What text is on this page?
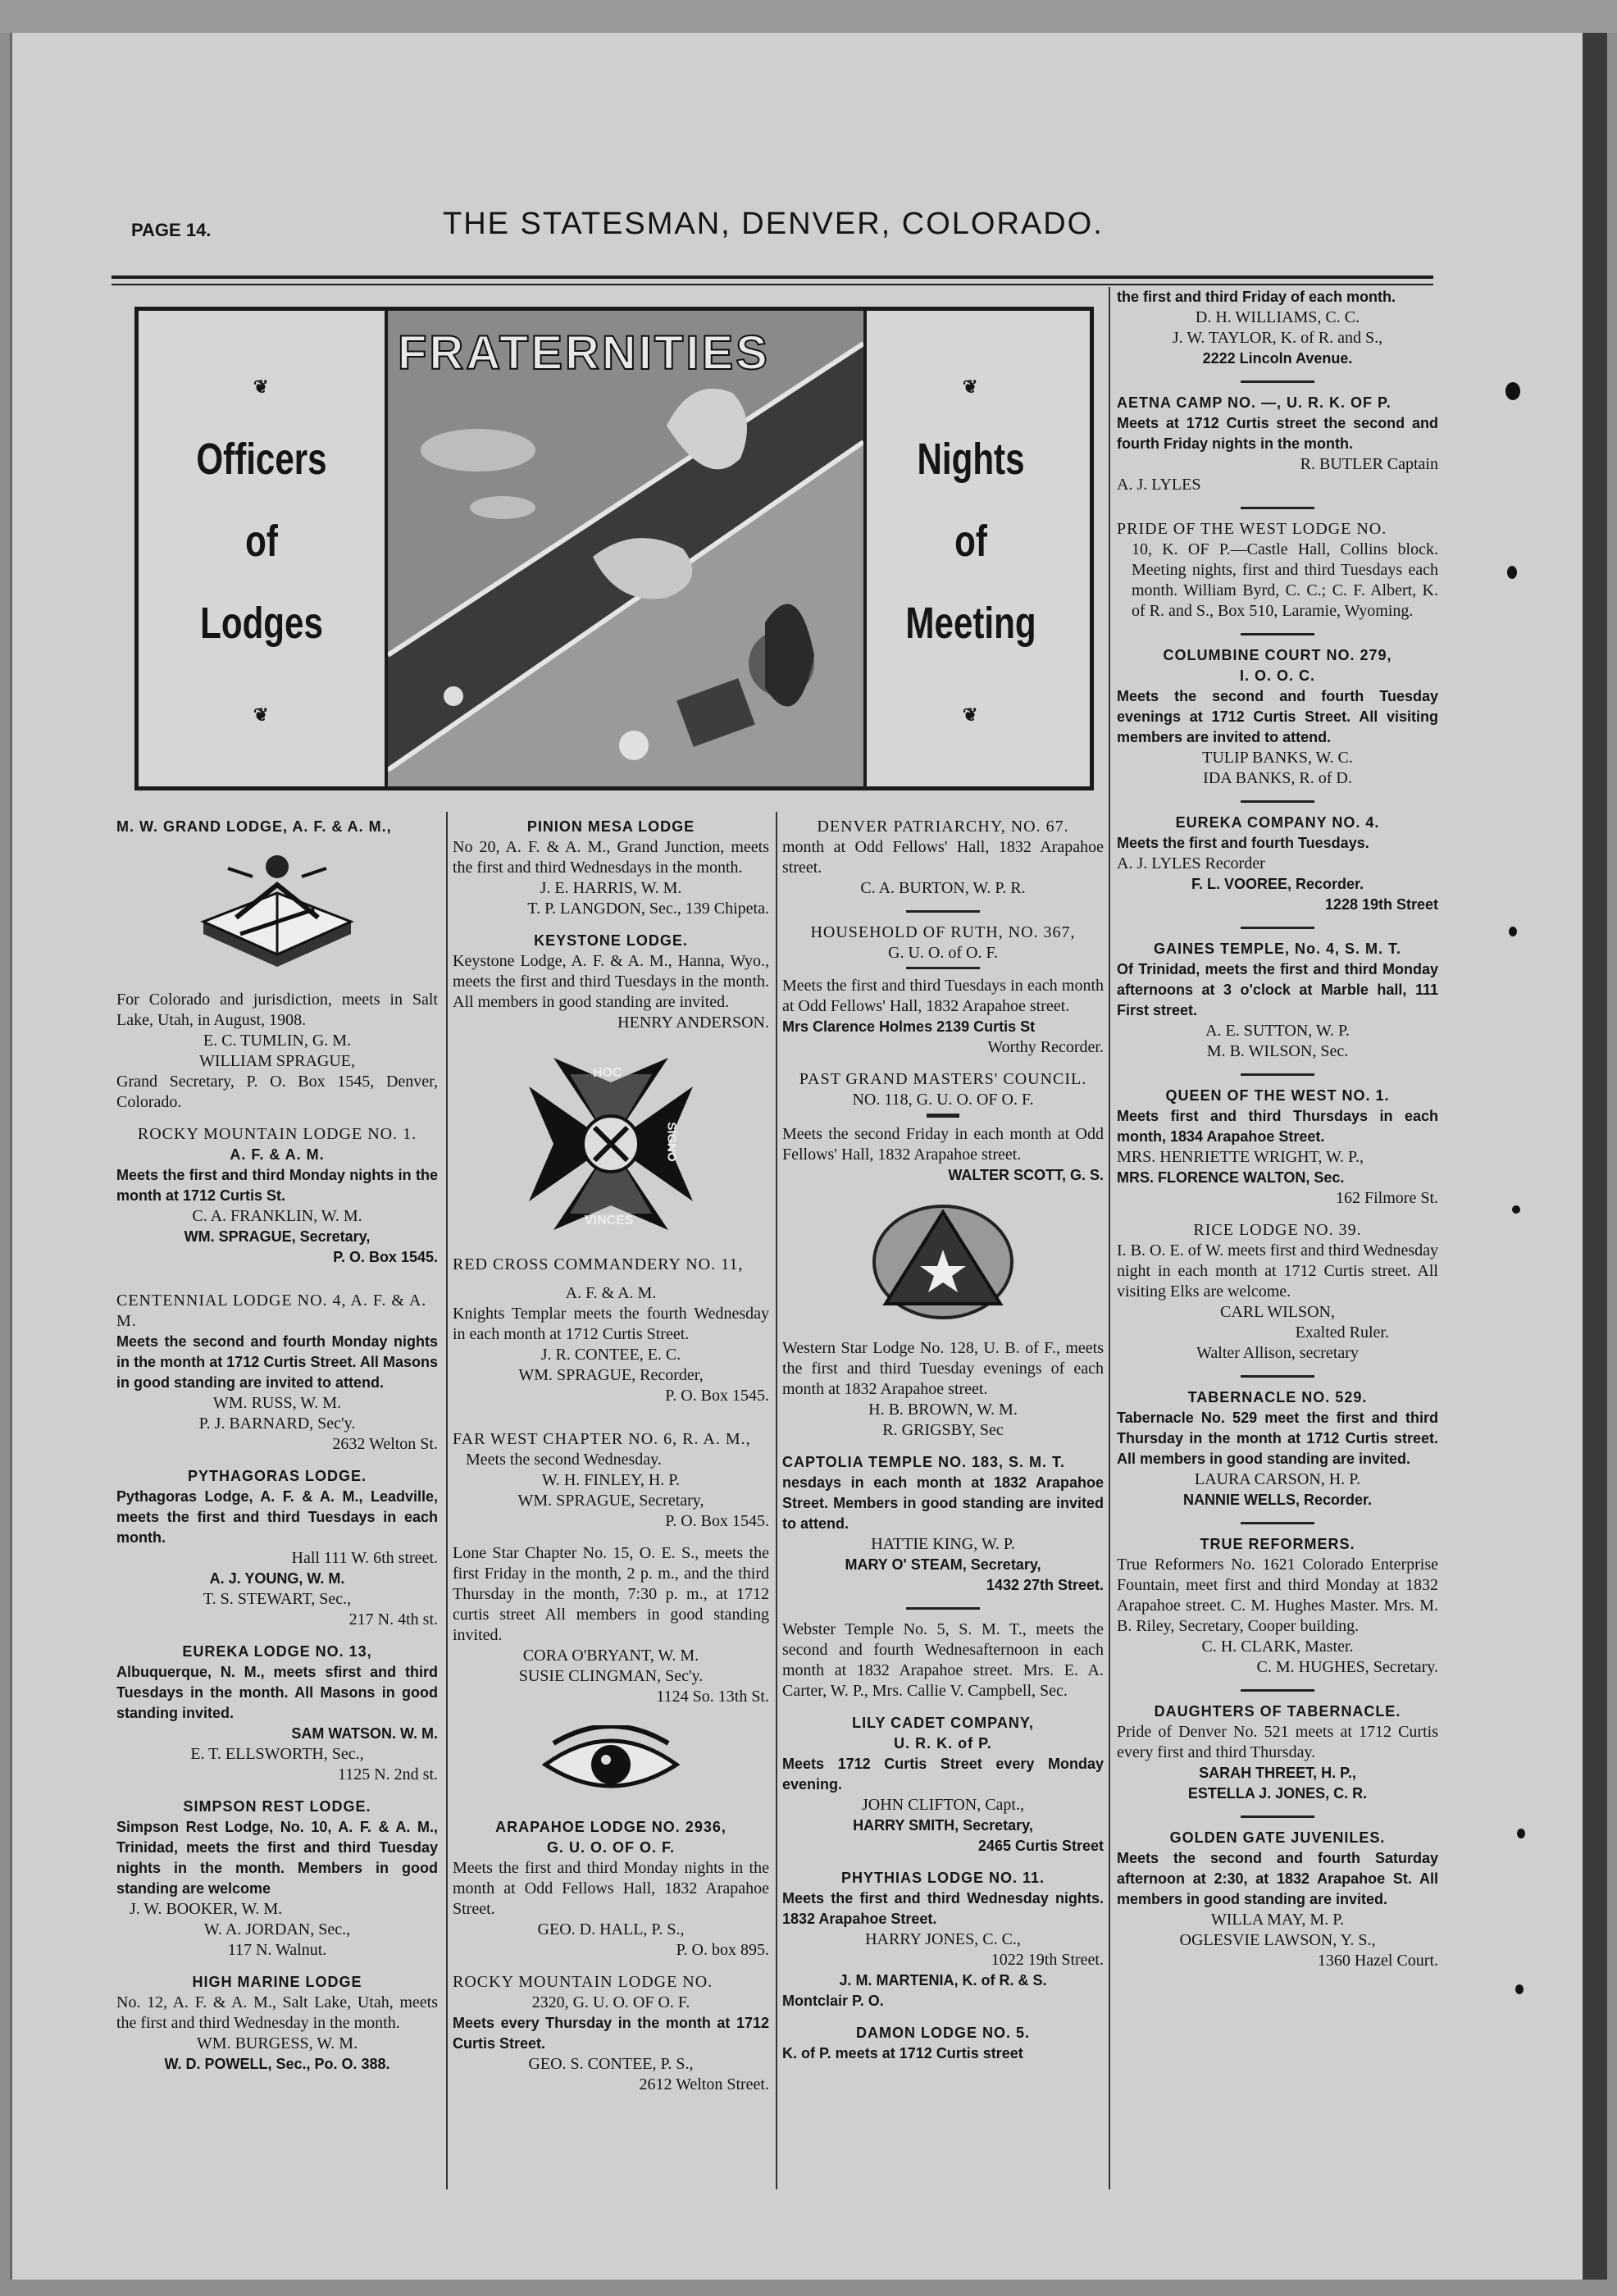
PAGE 14.	THE STATESMAN, DENVER, COLORADO.
❦
Officers
of
Lodges
❦
FRATERNITIES
❦
Nights
of
Meeting
❦
M. W. GRAND LODGE, A. F. & A. M.,
For Colorado and jurisdiction, meets in Salt Lake, Utah, in August, 1908.
E. C. TUMLIN, G. M.
WILLIAM SPRAGUE,
Grand Secretary, P. O. Box 1545, Denver, Colorado.
ROCKY MOUNTAIN LODGE NO. 1.
A. F. & A. M.
Meets the first and third Monday nights in the month at 1712 Curtis St.
C. A. FRANKLIN, W. M.
WM. SPRAGUE, Secretary,
P. O. Box 1545.
CENTENNIAL LODGE NO. 4, A. F. & A. M.
Meets the second and fourth Monday nights in the month at 1712 Curtis Street. All Masons in good standing are invited to attend.
WM. RUSS, W. M.
P. J. BARNARD, Sec'y.
2632 Welton St.
PYTHAGORAS LODGE.
Pythagoras Lodge, A. F. & A. M., Leadville, meets the first and third Tuesdays in each month.
Hall 111 W. 6th street.
A. J. YOUNG, W. M.
T. S. STEWART, Sec.,
217 N. 4th st.
EUREKA LODGE NO. 13,
Albuquerque, N. M., meets sfirst and third Tuesdays in the month. All Masons in good standing invited.
SAM WATSON. W. M.
E. T. ELLSWORTH, Sec.,
1125 N. 2nd st.
SIMPSON REST LODGE.
Simpson Rest Lodge, No. 10, A. F. & A. M., Trinidad, meets the first and third Tuesday nights in the month. Members in good standing are welcome
J. W. BOOKER, W. M.
W. A. JORDAN, Sec.,
117 N. Walnut.
HIGH MARINE LODGE
No. 12, A. F. & A. M., Salt Lake, Utah, meets the first and third Wednesday in the month.
WM. BURGESS, W. M.
W. D. POWELL, Sec., Po. O. 388.
PINION MESA LODGE
No 20, A. F. & A. M., Grand Junction, meets the first and third Wednesdays in the month.
J. E. HARRIS, W. M.
T. P. LANGDON, Sec., 139 Chipeta.
KEYSTONE LODGE.
Keystone Lodge, A. F. & A. M., Hanna, Wyo., meets the first and third Tuesdays in the month. All members in good standing are invited.
HENRY ANDERSON.
HOC
SIGNO
VINCES
RED CROSS COMMANDERY NO. 11,
A. F. & A. M.
Knights Templar meets the fourth Wednesday in each month at 1712 Curtis Street.
J. R. CONTEE, E. C.
WM. SPRAGUE, Recorder,
P. O. Box 1545.
FAR WEST CHAPTER NO. 6, R. A. M.,
Meets the second Wednesday.
W. H. FINLEY, H. P.
WM. SPRAGUE, Secretary,
P. O. Box 1545.
Lone Star Chapter No. 15, O. E. S., meets the first Friday in the month, 2 p. m., and the third Thursday in the month, 7:30 p. m., at 1712 curtis street All members in good standing invited.
CORA O'BRYANT, W. M.
SUSIE CLINGMAN, Sec'y.
1124 So. 13th St.
ARAPAHOE LODGE NO. 2936,
G. U. O. OF O. F.
Meets the first and third Monday nights in the month at Odd Fellows Hall, 1832 Arapahoe Street.
GEO. D. HALL, P. S.,
P. O. box 895.
ROCKY MOUNTAIN LODGE NO.
2320, G. U. O. OF O. F.
Meets every Thursday in the month at 1712 Curtis Street.
GEO. S. CONTEE, P. S.,
2612 Welton Street.
DENVER PATRIARCHY, NO. 67.
month at Odd Fellows' Hall, 1832 Arapahoe street.
C. A. BURTON, W. P. R.
HOUSEHOLD OF RUTH, NO. 367,
G. U. O. of O. F.
Meets the first and third Tuesdays in each month at Odd Fellows' Hall, 1832 Arapahoe street.
Mrs Clarence Holmes 2139 Curtis St
Worthy Recorder.
PAST GRAND MASTERS' COUNCIL.
NO. 118, G. U. O. OF O. F.
Meets the second Friday in each month at Odd Fellows' Hall, 1832 Arapahoe street.
WALTER SCOTT, G. S.
Western Star Lodge No. 128, U. B. of F., meets the first and third Tuesday evenings of each month at 1832 Arapahoe street.
H. B. BROWN, W. M.
R. GRIGSBY, Sec
CAPTOLIA TEMPLE NO. 183, S. M. T.
nesdays in each month at 1832 Arapahoe Street. Members in good standing are invited to attend.
HATTIE KING, W. P.
MARY O' STEAM, Secretary,
1432 27th Street.
Webster Temple No. 5, S. M. T., meets the second and fourth Wednesafternoon in each month at 1832 Arapahoe street. Mrs. E. A. Carter, W. P., Mrs. Callie V. Campbell, Sec.
LILY CADET COMPANY,
U. R. K. of P.
Meets 1712 Curtis Street every Monday evening.
JOHN CLIFTON, Capt.,
HARRY SMITH, Secretary,
2465 Curtis Street
PHYTHIAS LODGE NO. 11.
Meets the first and third Wednesday nights. 1832 Arapahoe Street.
HARRY JONES, C. C.,
1022 19th Street.
J. M. MARTENIA, K. of R. & S.
Montclair P. O.
DAMON LODGE NO. 5.
K. of P. meets at 1712 Curtis street
the first and third Friday of each month.
D. H. WILLIAMS, C. C.
J. W. TAYLOR, K. of R. and S.,
2222 Lincoln Avenue.
AETNA CAMP NO. —, U. R. K. OF P.
Meets at 1712 Curtis street the second and fourth Friday nights in the month.
R. BUTLER Captain
A. J. LYLES
PRIDE OF THE WEST LODGE NO.
10, K. OF P.—Castle Hall, Collins block. Meeting nights, first and third Tuesdays each month. William Byrd, C. C.; C. F. Albert, K. of R. and S., Box 510, Laramie, Wyoming.
COLUMBINE COURT NO. 279,
I. O. O. C.
Meets the second and fourth Tuesday evenings at 1712 Curtis Street. All visiting members are invited to attend.
TULIP BANKS, W. C.
IDA BANKS, R. of D.
EUREKA COMPANY NO. 4.
Meets the first and fourth Tuesdays.
A. J. LYLES Recorder
F. L. VOOREE, Recorder.
1228 19th Street
GAINES TEMPLE, No. 4, S. M. T.
Of Trinidad, meets the first and third Monday afternoons at 3 o'clock at Marble hall, 111 First street.
A. E. SUTTON, W. P.
M. B. WILSON, Sec.
QUEEN OF THE WEST NO. 1.
Meets first and third Thursdays in each month, 1834 Arapahoe Street.
MRS. HENRIETTE WRIGHT, W. P.,
MRS. FLORENCE WALTON, Sec.
162 Filmore St.
RICE LODGE NO. 39.
I. B. O. E. of W. meets first and third Wednesday night in each month at 1712 Curtis street. All visiting Elks are welcome.
CARL WILSON,
Exalted Ruler.
Walter Allison, secretary
TABERNACLE NO. 529.
Tabernacle No. 529 meet the first and third Thursday in the month at 1712 Curtis street. All members in good standing are invited.
LAURA CARSON, H. P.
NANNIE WELLS, Recorder.
TRUE REFORMERS.
True Reformers No. 1621 Colorado Enterprise Fountain, meet first and third Monday at 1832 Arapahoe street. C. M. Hughes Master. Mrs. M. B. Riley, Secretary, Cooper building.
C. H. CLARK, Master.
C. M. HUGHES, Secretary.
DAUGHTERS OF TABERNACLE.
Pride of Denver No. 521 meets at 1712 Curtis every first and third Thursday.
SARAH THREET, H. P.,
ESTELLA J. JONES, C. R.
GOLDEN GATE JUVENILES.
Meets the second and fourth Saturday afternoon at 2:30, at 1832 Arapahoe St. All members in good standing are invited.
WILLA MAY, M. P.
OGLESVIE LAWSON, Y. S.,
1360 Hazel Court.
